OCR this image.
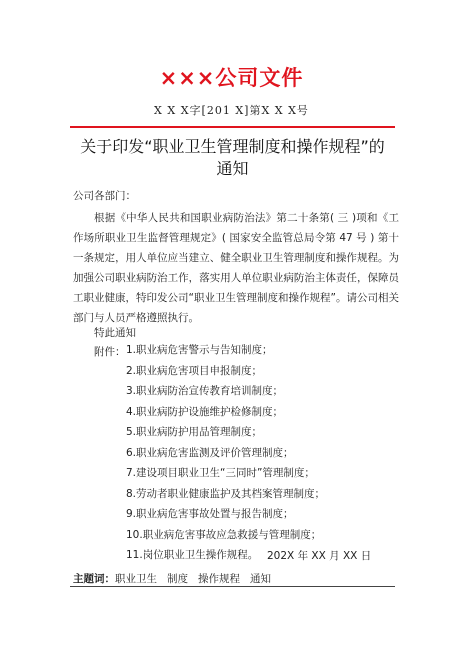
×××公司文件
X X X字[201 X]第X X X号
关于印发“职业卫生管理制度和操作规程”的
通知
公司各部门：

根据《中华人民共和国职业病防治法》第二十条第( 三 )项和《工作场所职业卫生监督管理规定》( 国家安全监管总局令第 47 号 ) 第十一条规定，用人单位应当建立、健全职业卫生管理制度和操作规程。为加强公司职业病防治工作，落实用人单位职业病防治主体责任，保障员工职业健康，特印发公司“职业卫生管理制度和操作规程”。请公司相关部门与人员严格遵照执行。

特此通知
附件： 1.职业病危害警示与告知制度；
2.职业病危害项目申报制度；
3.职业病防治宣传教育培训制度；
4.职业病防护设施维护检修制度；
5.职业病防护用品管理制度；
6.职业病危害监测及评价管理制度；
7.建设项目职业卫生“三同时”管理制度；
8.劳动者职业健康监护及其档案管理制度；
9.职业病危害事故处置与报告制度；
10.职业病危害事故应急救援与管理制度；
11.岗位职业卫生操作规程。 202X 年 XX 月 XX 日
主题词：职业卫生 制度 操作规程 通知
